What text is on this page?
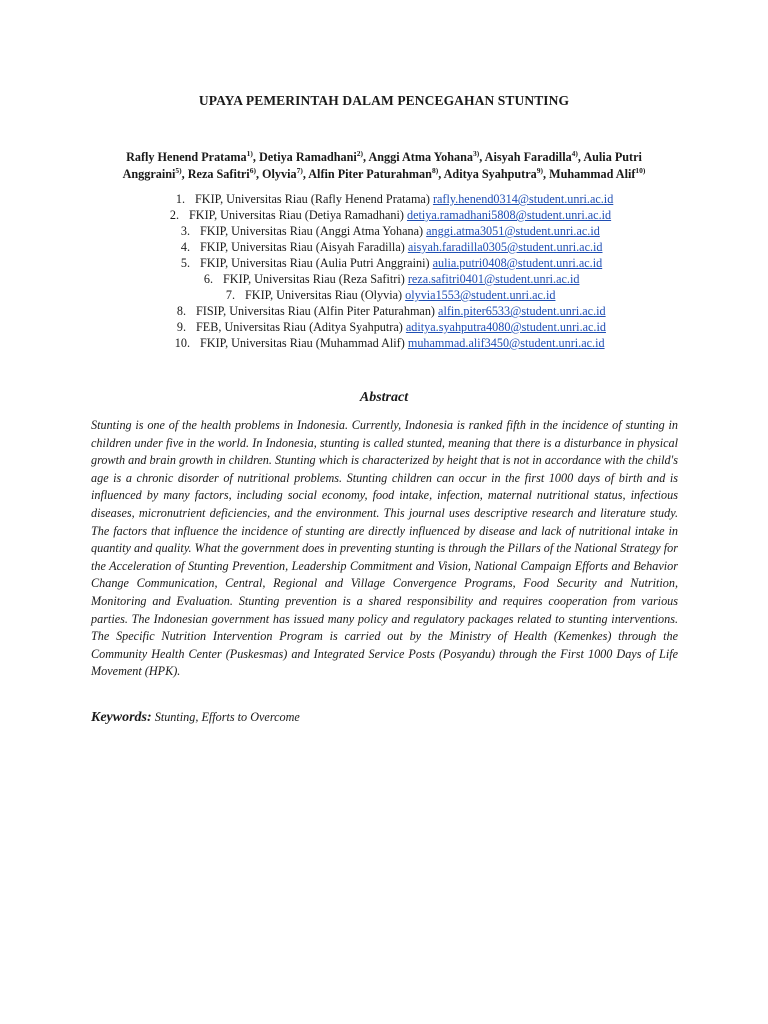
UPAYA PEMERINTAH DALAM PENCEGAHAN STUNTING
Rafly Henend Pratama$^{1)}$, Detiya Ramadhani$^{2)}$, Anggi Atma Yohana$^{3)}$, Aisyah Faradilla$^{4)}$, Aulia Putri Anggraini$^{5)}$, Reza Safitri$^{6)}$, Olyvia$^{7)}$, Alfin Piter Paturahman$^{8)}$, Aditya Syahputra$^{9)}$, Muhammad Alif$^{10)}$
1. FKIP, Universitas Riau (Rafly Henend Pratama) rafly.henend0314@student.unri.ac.id
2. FKIP, Universitas Riau (Detiya Ramadhani) detiya.ramadhani5808@student.unri.ac.id
3. FKIP, Universitas Riau (Anggi Atma Yohana) anggi.atma3051@student.unri.ac.id
4. FKIP, Universitas Riau (Aisyah Faradilla) aisyah.faradilla0305@student.unri.ac.id
5. FKIP, Universitas Riau (Aulia Putri Anggraini) aulia.putri0408@student.unri.ac.id
6. FKIP, Universitas Riau (Reza Safitri) reza.safitri0401@student.unri.ac.id
7. FKIP, Universitas Riau (Olyvia) olyvia1553@student.unri.ac.id
8. FISIP, Universitas Riau (Alfin Piter Paturahman) alfin.piter6533@student.unri.ac.id
9. FEB, Universitas Riau (Aditya Syahputra) aditya.syahputra4080@student.unri.ac.id
10. FKIP, Universitas Riau (Muhammad Alif) muhammad.alif3450@student.unri.ac.id
Abstract
Stunting is one of the health problems in Indonesia. Currently, Indonesia is ranked fifth in the incidence of stunting in children under five in the world. In Indonesia, stunting is called stunted, meaning that there is a disturbance in physical growth and brain growth in children. Stunting which is characterized by height that is not in accordance with the child's age is a chronic disorder of nutritional problems. Stunting children can occur in the first 1000 days of birth and is influenced by many factors, including social economy, food intake, infection, maternal nutritional status, infectious diseases, micronutrient deficiencies, and the environment. This journal uses descriptive research and literature study. The factors that influence the incidence of stunting are directly influenced by disease and lack of nutritional intake in quantity and quality. What the government does in preventing stunting is through the Pillars of the National Strategy for the Acceleration of Stunting Prevention, Leadership Commitment and Vision, National Campaign Efforts and Behavior Change Communication, Central, Regional and Village Convergence Programs, Food Security and Nutrition, Monitoring and Evaluation. Stunting prevention is a shared responsibility and requires cooperation from various parties. The Indonesian government has issued many policy and regulatory packages related to stunting interventions. The Specific Nutrition Intervention Program is carried out by the Ministry of Health (Kemenkes) through the Community Health Center (Puskesmas) and Integrated Service Posts (Posyandu) through the First 1000 Days of Life Movement (HPK).
Keywords: Stunting, Efforts to Overcome
